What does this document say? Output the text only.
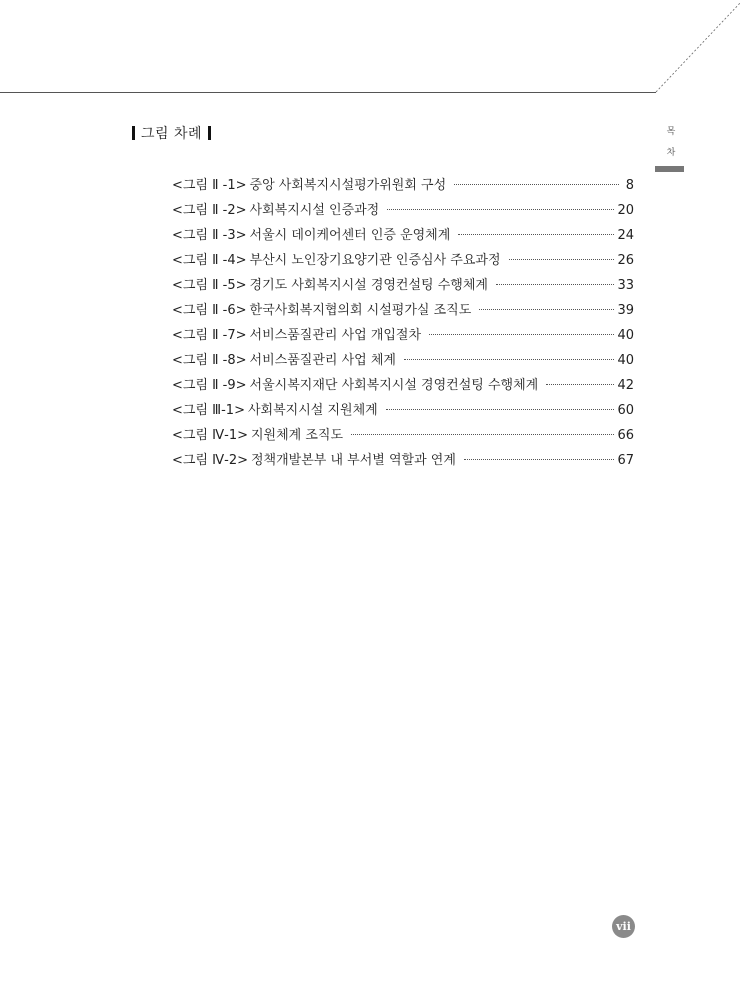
목
차
그림 차례
<그림 Ⅱ -1> 중앙 사회복지시설평가위원회 구성	8
<그림 Ⅱ -2> 사회복지시설 인증과정	20
<그림 Ⅱ -3> 서울시 데이케어센터 인증 운영체계	24
<그림 Ⅱ -4> 부산시 노인장기요양기관 인증심사 주요과정	26
<그림 Ⅱ -5> 경기도 사회복지시설 경영컨설팅 수행체계	33
<그림 Ⅱ -6> 한국사회복지협의회 시설평가실 조직도	39
<그림 Ⅱ -7> 서비스품질관리 사업 개입절차	40
<그림 Ⅱ -8> 서비스품질관리 사업 체계	40
<그림 Ⅱ -9> 서울시복지재단 사회복지시설 경영컨설팅 수행체계	42
<그림 Ⅲ-1> 사회복지시설 지원체계	60
<그림 Ⅳ-1> 지원체계 조직도	66
<그림 Ⅳ-2> 정책개발본부 내 부서별 역할과 연계	67
vii
